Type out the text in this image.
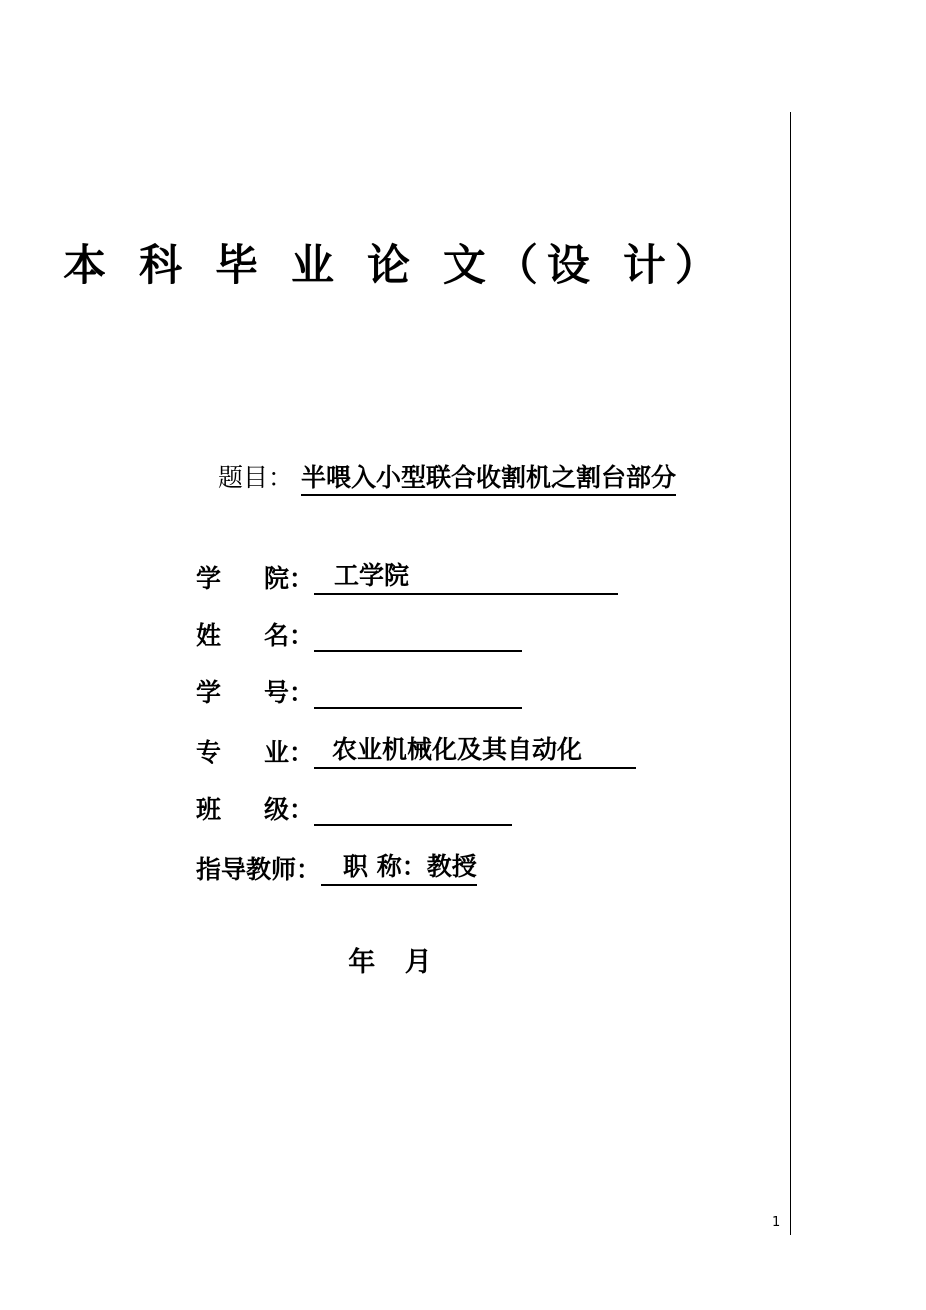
本 科 毕 业 论 文（设 计）
题目： 半喂入小型联合收割机之割台部分
学 院： 工学院
姓 名：
学 号：
专 业： 农业机械化及其自动化
班 级：
指导教师： 职 称：教授
年 月
1
